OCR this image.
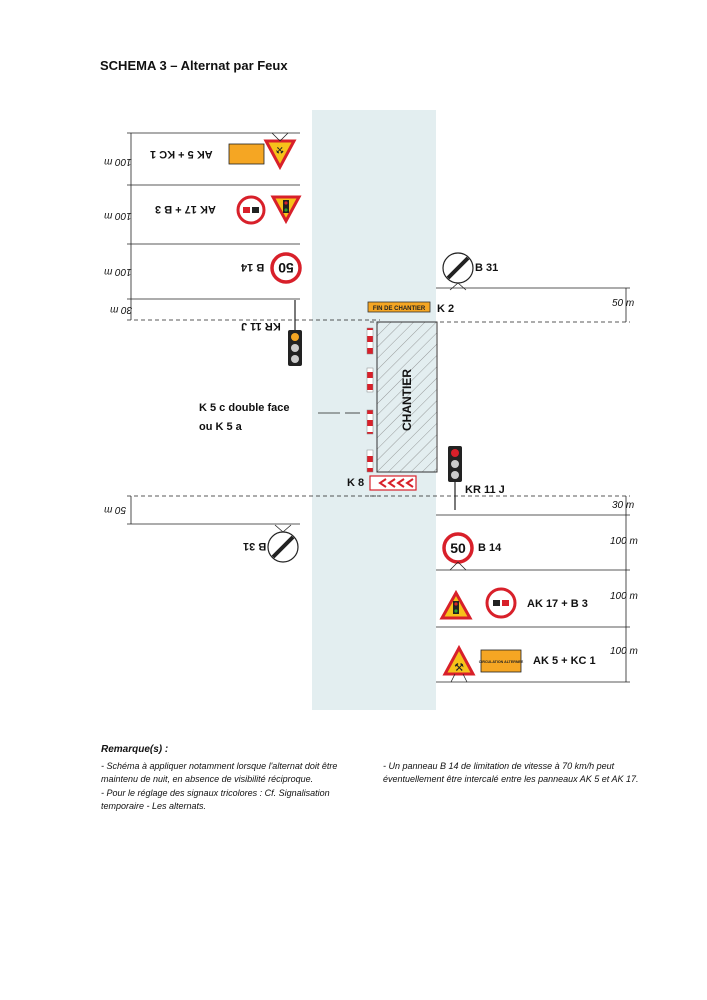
SCHEMA 3 – Alternat par Feux
CHANTIER
FIN DE CHANTIER
⚒
50
50
⚒	CIRCULATION ALTERNEE
AK 5 + KC 1
AK 17 + B 3
B 14
KR 11 J
B 31
K 5 c double face
ou K 5 a
K 8
100 m
100 m
100 m
30 m
50 m
B 31
K 2
KR 11 J
B 14
AK 17 + B 3
AK 5 + KC 1
50 m
30 m
100 m
100 m
100 m
Remarque(s) :

- Schéma à appliquer notamment lorsque l'alternat doit être maintenu de nuit, en absence de visibilité réciproque.

- Pour le réglage des signaux tricolores : Cf. Signalisation temporaire - Les alternats.

- Un panneau B 14 de limitation de vitesse à 70 km/h peut éventuellement être intercalé entre les panneaux AK 5 et AK 17.
